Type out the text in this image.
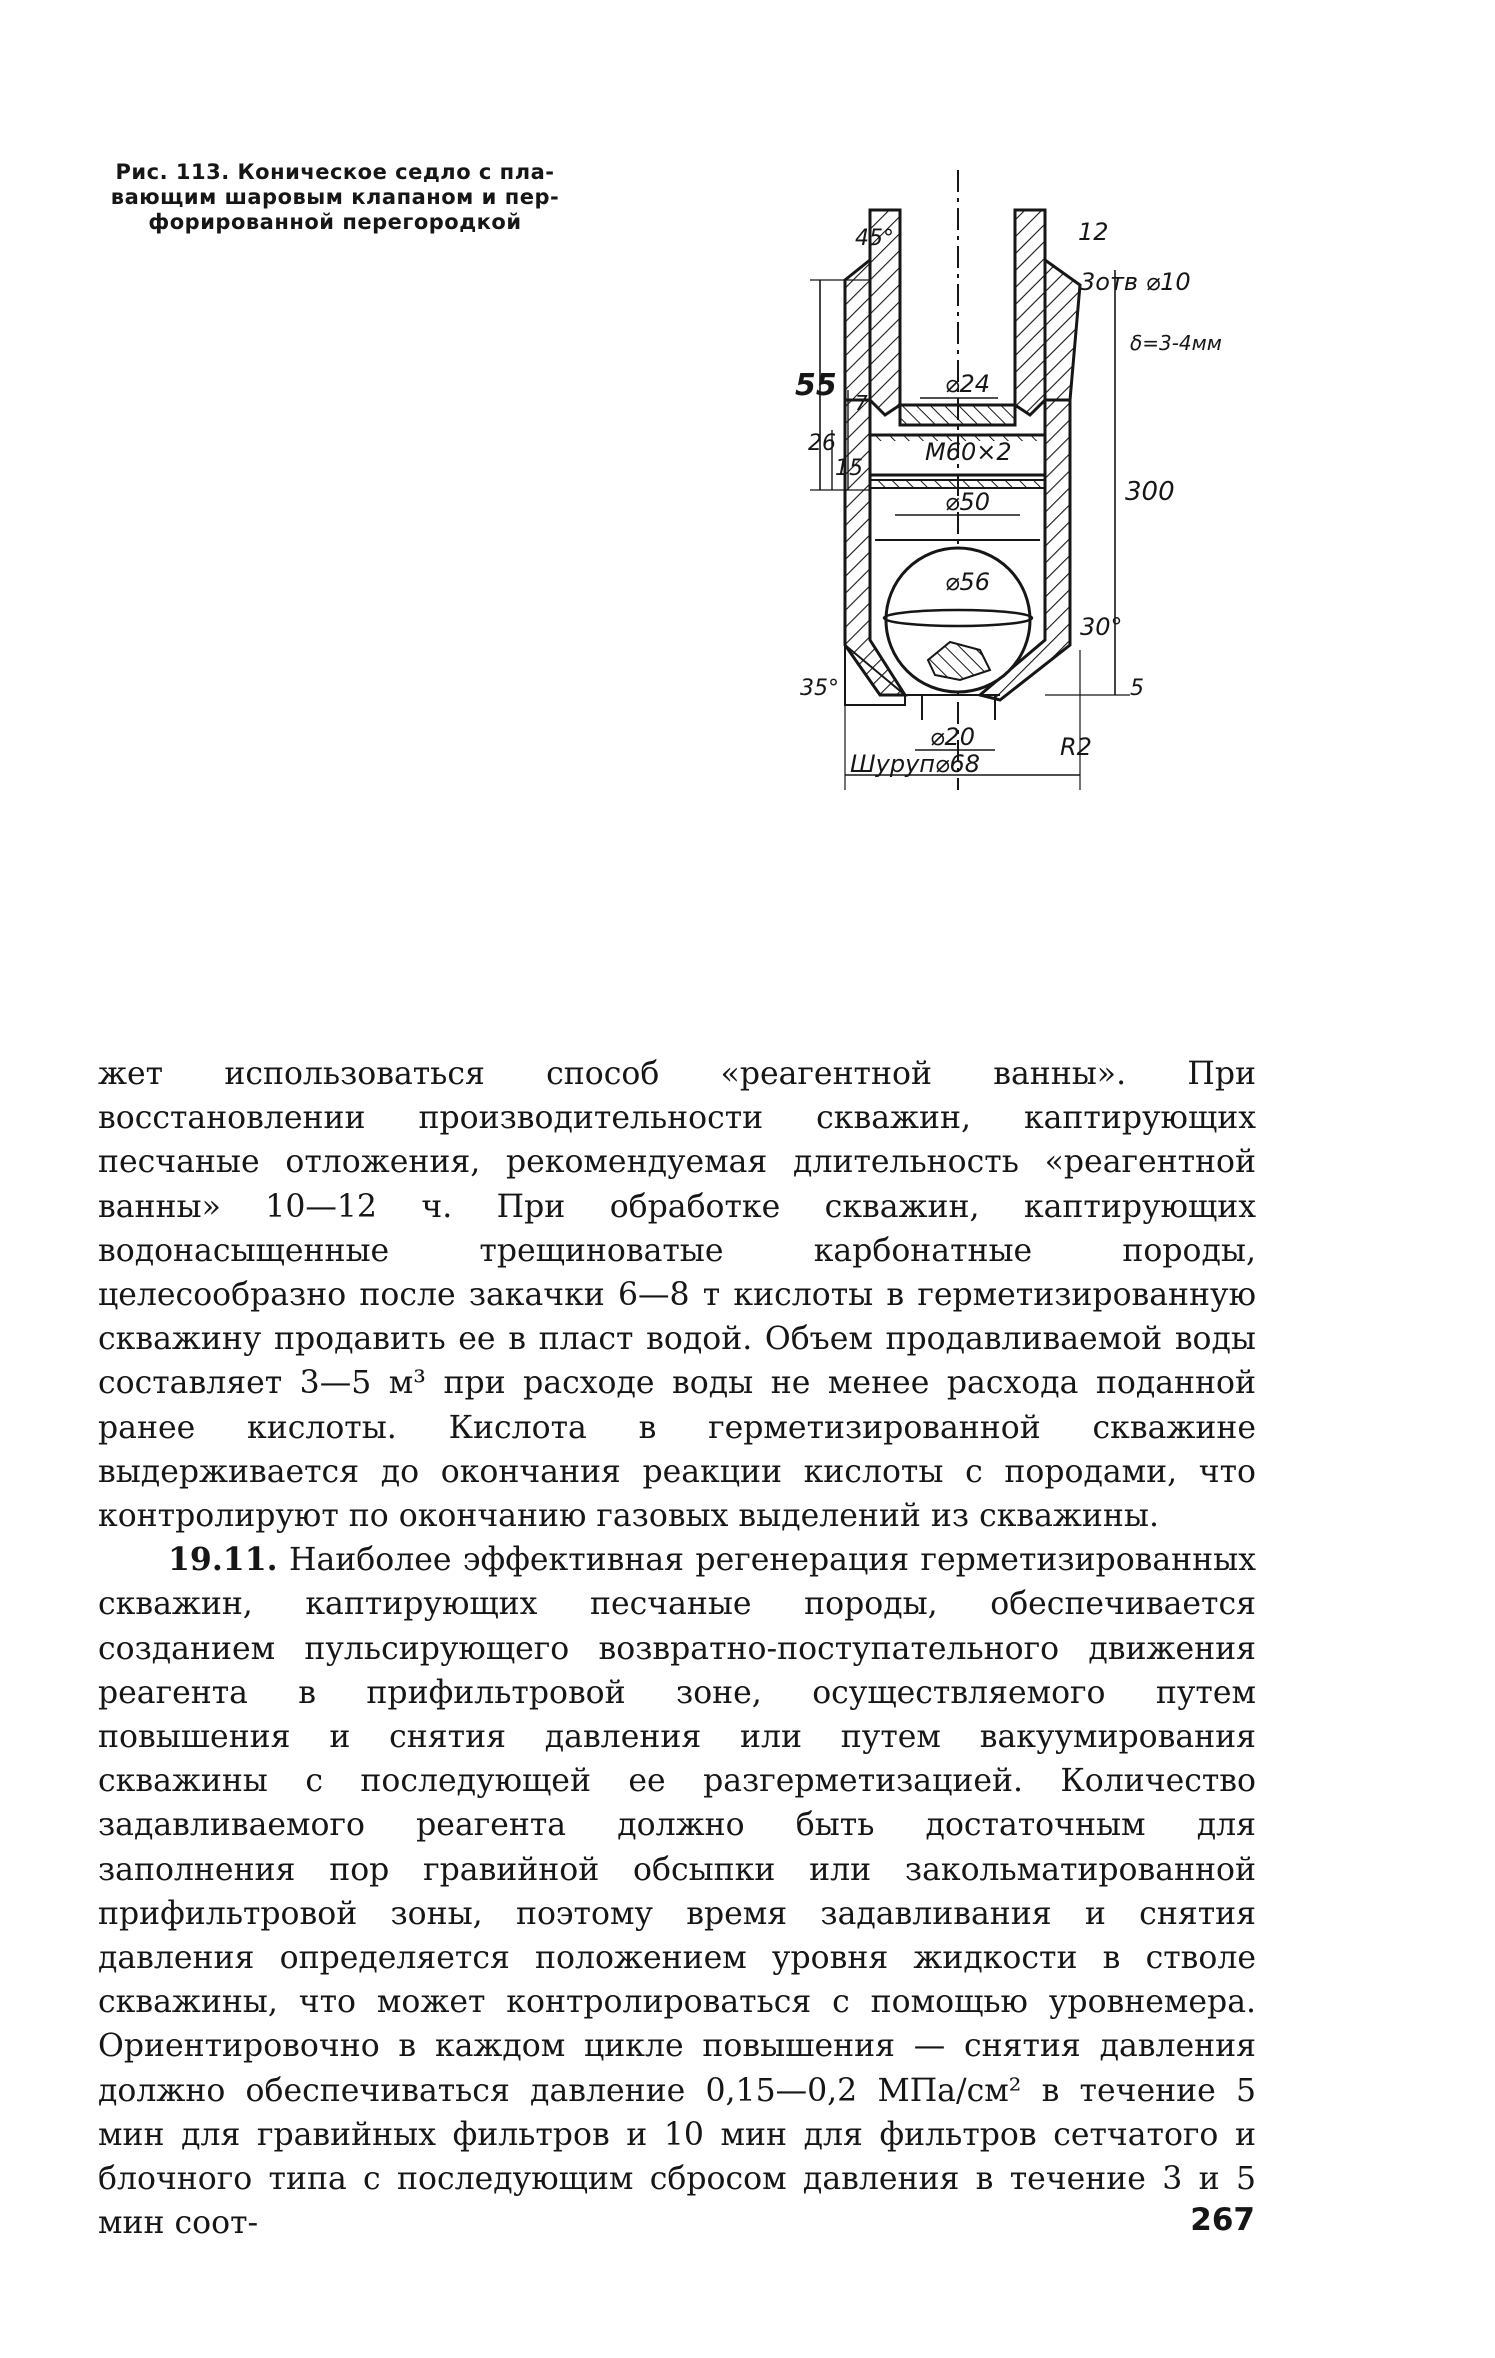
Рис. 113. Коническое седло с пла-
вающим шаровым клапаном и пер-
форированной перегородкой
45°	12
3отв ⌀10
δ=3-4мм
55
26
15
7
⌀24
M60×2
⌀50
⌀56
300
30°
35°	5
⌀20
⌀68
R2
Шуруп

жет использоваться способ «реагентной ванны». При восстановлении производительности скважин, каптирующих песчаные отложения, рекомендуемая длительность «реагентной ванны» 10—12 ч. При обработке скважин, каптирующих водонасыщенные трещиноватые карбонатные породы, целесообразно после закачки 6—8 т кислоты в герметизированную скважину продавить ее в пласт водой. Объем продавливаемой воды составляет 3—5 м³ при расходе воды не менее расхода поданной ранее кислоты. Кислота в герметизированной скважине выдерживается до окончания реакции кислоты с породами, что контролируют по окончанию газовых выделений из скважины.

19.11. Наиболее эффективная регенерация герметизированных скважин, каптирующих песчаные породы, обеспечивается созданием пульсирующего возвратно-поступательного движения реагента в прифильтровой зоне, осуществляемого путем повышения и снятия давления или путем вакуумирования скважины с последующей ее разгерметизацией. Количество задавливаемого реагента должно быть достаточным для заполнения пор гравийной обсыпки или закольматированной прифильтровой зоны, поэтому время задавливания и снятия давления определяется положением уровня жидкости в стволе скважины, что может контролироваться с помощью уровнемера. Ориентировочно в каждом цикле повышения — снятия давления должно обеспечиваться давление 0,15—0,2 МПа/см² в течение 5 мин для гравийных фильтров и 10 мин для фильтров сетчатого и блочного типа с последующим сбросом давления в течение 3 и 5 мин соот-	267
